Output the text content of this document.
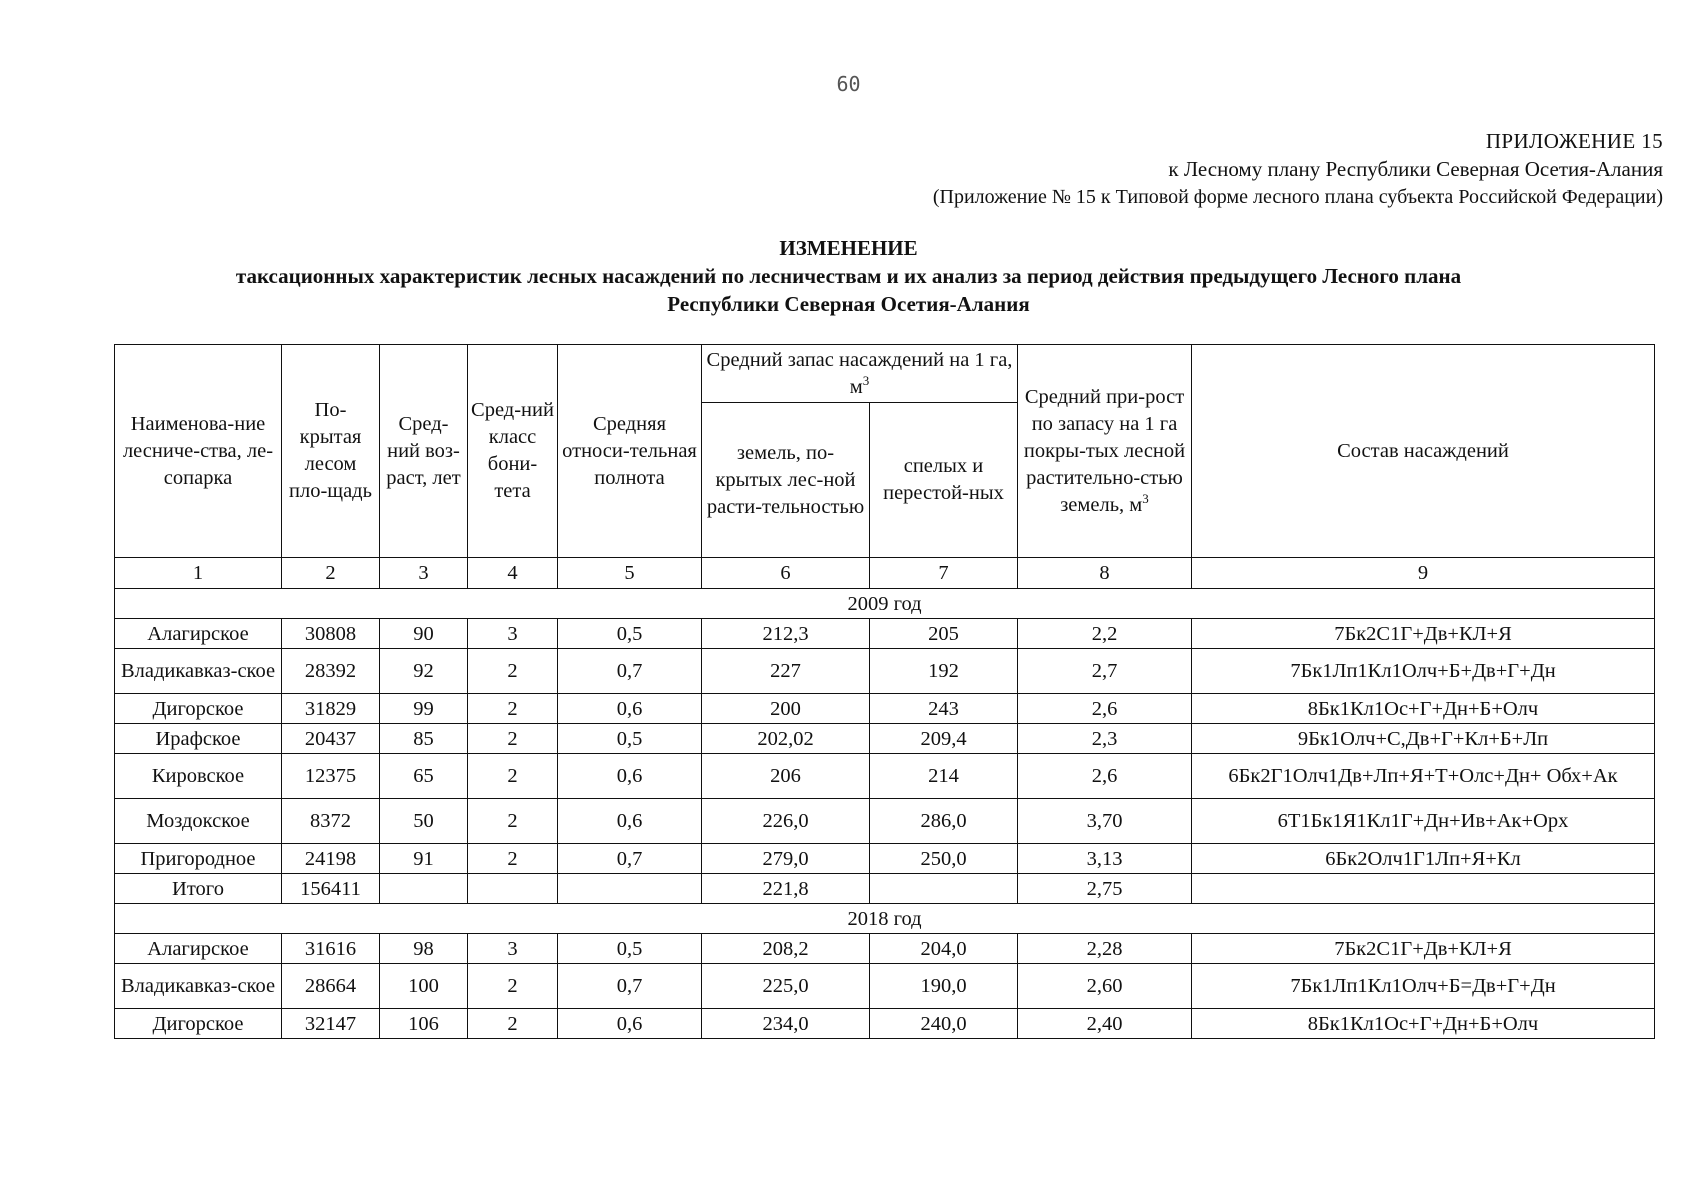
60
ПРИЛОЖЕНИЕ 15
к Лесному плану Республики Северная Осетия-Алания
(Приложение № 15 к Типовой форме лесного плана субъекта Российской Федерации)
ИЗМЕНЕНИЕ
таксационных характеристик лесных насаждений по лесничествам и их анализ за период действия предыдущего Лесного плана
Республики Северная Осетия-Алания
Наименова-ние лесниче-ства, ле-сопарка	По-крытая лесом пло-щадь	Сред-ний воз-раст, лет	Сред-ний класс бони-тета	Средняя относи-тельная полнота	Средний запас насаждений на 1 га, $м^3$		Средний при-рост по запасу на 1 га покры-тых лесной растительно-стью земель, $м^3$	Состав насаждений
					земель, по-крытых лес-ной расти-тельностью	спелых и перестой-ных		
1	2	3	4	5	6	7	8	9
2009 год								
Алагирское	30808	90	3	0,5	212,3	205	2,2	7Бк2С1Г+Дв+КЛ+Я
Владикавказ-ское	28392	92	2	0,7	227	192	2,7	7Бк1Лп1Кл1Олч+Б+Дв+Г+Дн
Дигорское	31829	99	2	0,6	200	243	2,6	8Бк1Кл1Ос+Г+Дн+Б+Олч
Ирафское	20437	85	2	0,5	202,02	209,4	2,3	9Бк1Олч+С,Дв+Г+Кл+Б+Лп
Кировское	12375	65	2	0,6	206	214	2,6	6Бк2Г1Олч1Дв+Лп+Я+Т+Олс+Дн+ Обх+Ак
Моздокское	8372	50	2	0,6	226,0	286,0	3,70	6Т1Бк1Я1Кл1Г+Дн+Ив+Ак+Орх
Пригородное	24198	91	2	0,7	279,0	250,0	3,13	6Бк2Олч1Г1Лп+Я+Кл
Итого	156411				221,8		2,75	
2018 год								
Алагирское	31616	98	3	0,5	208,2	204,0	2,28	7Бк2С1Г+Дв+КЛ+Я
Владикавказ-ское	28664	100	2	0,7	225,0	190,0	2,60	7Бк1Лп1Кл1Олч+Б=Дв+Г+Дн
Дигорское	32147	106	2	0,6	234,0	240,0	2,40	8Бк1Кл1Ос+Г+Дн+Б+Олч
